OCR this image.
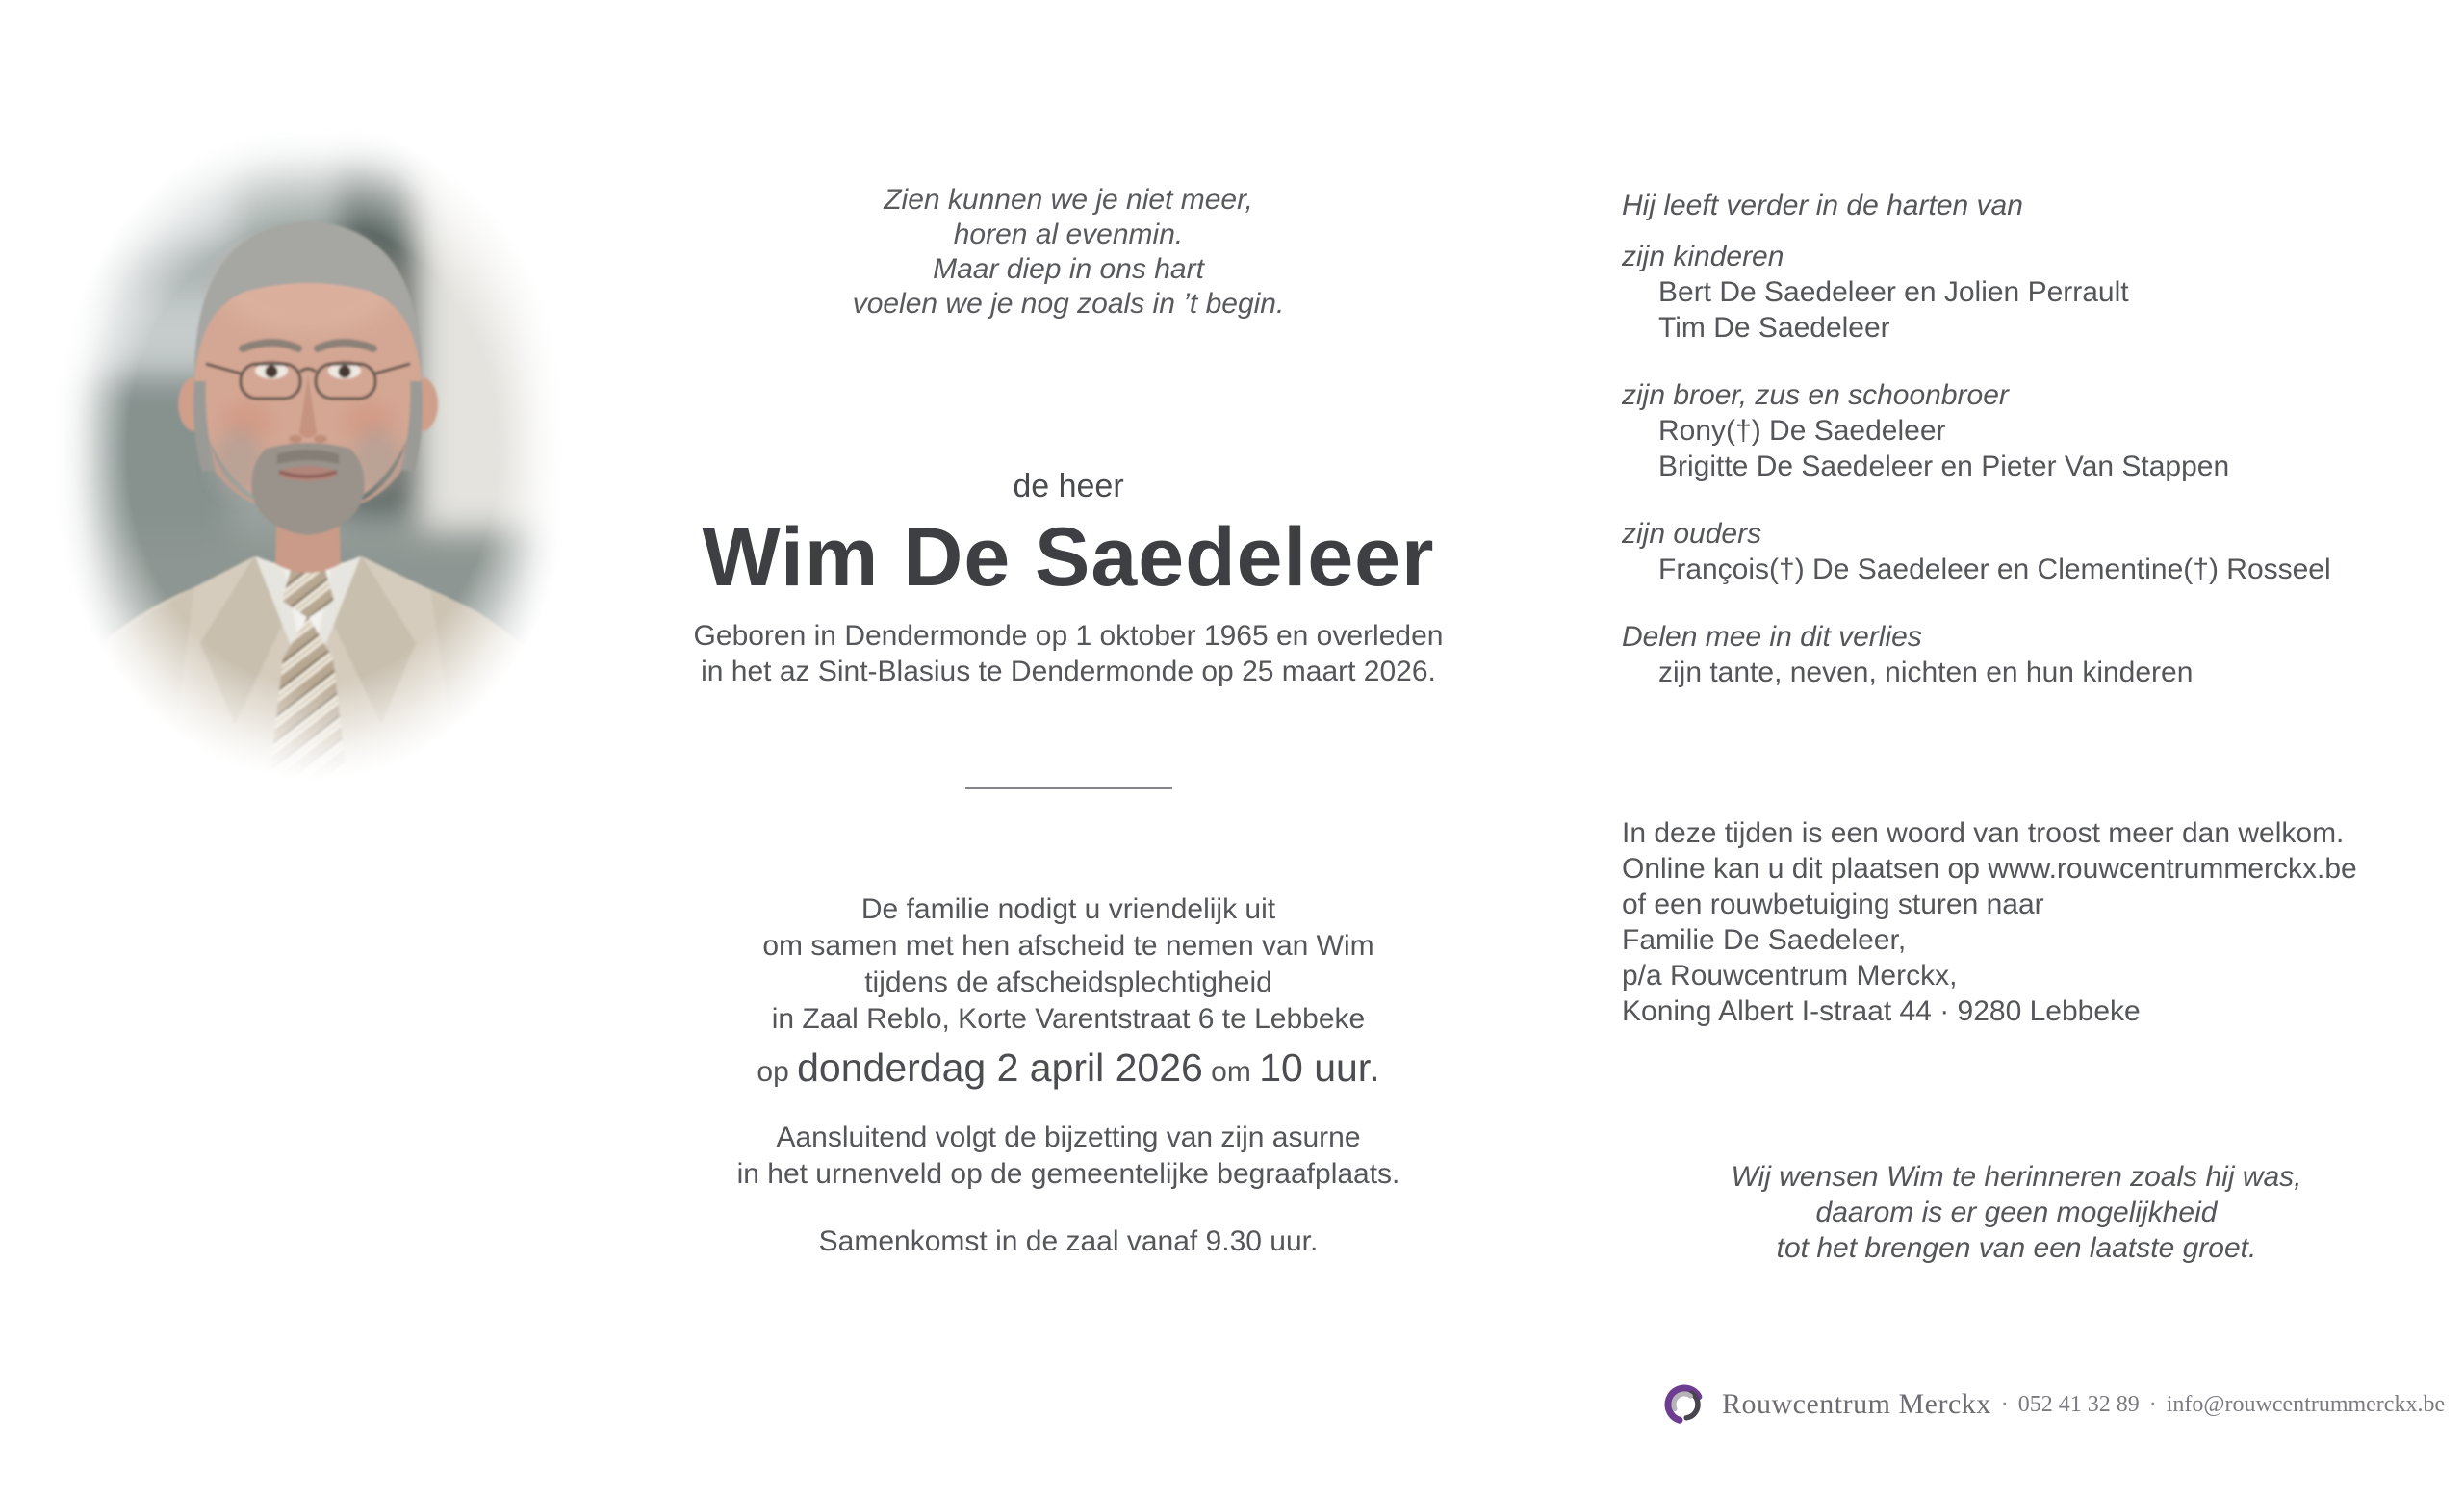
Zien kunnen we je niet meer,
horen al evenmin.
Maar diep in ons hart
voelen we je nog zoals in ’t begin.
de heer
Wim De Saedeleer
Geboren in Dendermonde op 1 oktober 1965 en overleden
in het az Sint-Blasius te Dendermonde op 25 maart 2026.
De familie nodigt u vriendelijk uit
om samen met hen afscheid te nemen van Wim
tijdens de afscheidsplechtigheid
in Zaal Reblo, Korte Varentstraat 6 te Lebbeke
op donderdag 2 april 2026 om 10 uur.
Aansluitend volgt de bijzetting van zijn asurne
in het urnenveld op de gemeentelijke begraafplaats.
Samenkomst in de zaal vanaf 9.30 uur.
Hij leeft verder in de harten van
zijn kinderen
Bert De Saedeleer en Jolien Perrault
Tim De Saedeleer
zijn broer, zus en schoonbroer
Rony(†) De Saedeleer
Brigitte De Saedeleer en Pieter Van Stappen
zijn ouders
François(†) De Saedeleer en Clementine(†) Rosseel
Delen mee in dit verlies
zijn tante, neven, nichten en hun kinderen
In deze tijden is een woord van troost meer dan welkom.
Online kan u dit plaatsen op www.rouwcentrummerckx.be
of een rouwbetuiging sturen naar
Familie De Saedeleer,
p/a Rouwcentrum Merckx,
Koning Albert I-straat 44 · 9280 Lebbeke
Wij wensen Wim te herinneren zoals hij was,
daarom is er geen mogelijkheid
tot het brengen van een laatste groet.
Rouwcentrum Merckx · 052 41 32 89 · info@rouwcentrummerckx.be
